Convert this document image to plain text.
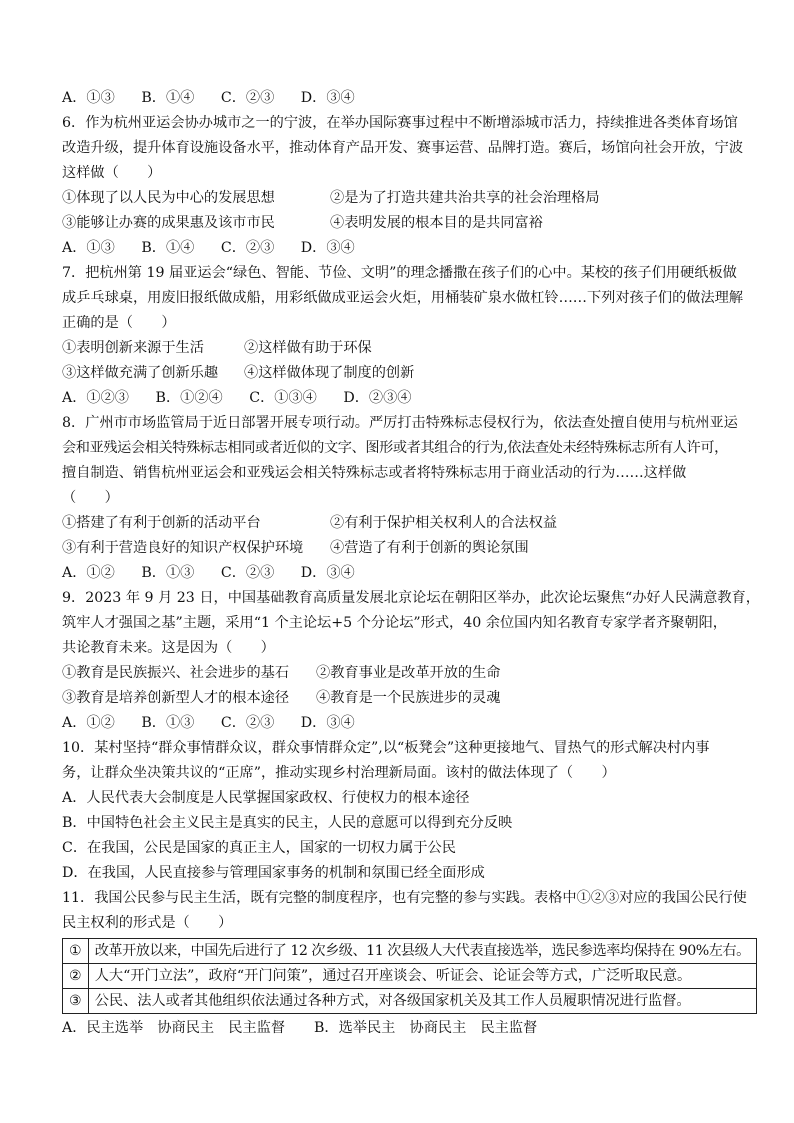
A．①③ B．①④ C．②③ D．③④
6．作为杭州亚运会协办城市之一的宁波，在举办国际赛事过程中不断增添城市活力，持续推进各类体育场馆
改造升级，提升体育设施设备水平，推动体育产品开发、赛事运营、品牌打造。赛后，场馆向社会开放，宁波
这样做（　　）
①体现了以人民为中心的发展思想	②是为了打造共建共治共享的社会治理格局
③能够让办赛的成果惠及该市市民	④表明发展的根本目的是共同富裕
A．①③ B．①④ C．②③ D．③④
7．把杭州第 19 届亚运会“绿色、智能、节俭、文明”的理念播撒在孩子们的心中。某校的孩子们用硬纸板做
成乒乓球桌，用废旧报纸做成船，用彩纸做成亚运会火炬，用桶装矿泉水做杠铃……下列对孩子们的做法理解
正确的是（　　）
①表明创新来源于生活	②这样做有助于环保
③这样做充满了创新乐趣 ④这样做体现了制度的创新
A．①②③ B．①②④ C．①③④ D．②③④
8．广州市市场监管局于近日部署开展专项行动。严厉打击特殊标志侵权行为，依法查处擅自使用与杭州亚运
会和亚残运会相关特殊标志相同或者近似的文字、图形或者其组合的行为,依法查处未经特殊标志所有人许可，
擅自制造、销售杭州亚运会和亚残运会相关特殊标志或者将特殊标志用于商业活动的行为……这样做
（　　）
①搭建了有利于创新的活动平台	②有利于保护相关权利人的合法权益
③有利于营造良好的知识产权保护环境 ④营造了有利于创新的舆论氛围
A．①② B．①③ C．②③ D．③④
9．2023 年 9 月 23 日，中国基础教育高质量发展北京论坛在朝阳区举办，此次论坛聚焦“办好人民满意教育，
筑牢人才强国之基”主题，采用“1 个主论坛+5 个分论坛”形式，40 余位国内知名教育专家学者齐聚朝阳，
共论教育未来。这是因为（　　）
①教育是民族振兴、社会进步的基石 ②教育事业是改革开放的生命
③教育是培养创新型人才的根本途径 ④教育是一个民族进步的灵魂
A．①② B．①③ C．②③ D．③④
10．某村坚持“群众事情群众议，群众事情群众定”,以“板凳会”这种更接地气、冒热气的形式解决村内事
务，让群众坐决策共议的“正席”，推动实现乡村治理新局面。该村的做法体现了（　　）
A．人民代表大会制度是人民掌握国家政权、行使权力的根本途径
B．中国特色社会主义民主是真实的民主，人民的意愿可以得到充分反映
C．在我国，公民是国家的真正主人，国家的一切权力属于公民
D．在我国，人民直接参与管理国家事务的机制和氛围已经全面形成
11．我国公民参与民主生活，既有完整的制度程序，也有完整的参与实践。表格中①②③对应的我国公民行使
民主权利的形式是（　　）
①	改革开放以来，中国先后进行了 12 次乡级、11 次县级人大代表直接选举，选民参选率均保持在 90%左右。
②	人大“开门立法”，政府“开门问策”，通过召开座谈会、听证会、论证会等方式，广泛听取民意。
③	公民、法人或者其他组织依法通过各种方式，对各级国家机关及其工作人员履职情况进行监督。
A．民主选举　协商民主　民主监督 B．选举民主　协商民主　民主监督
